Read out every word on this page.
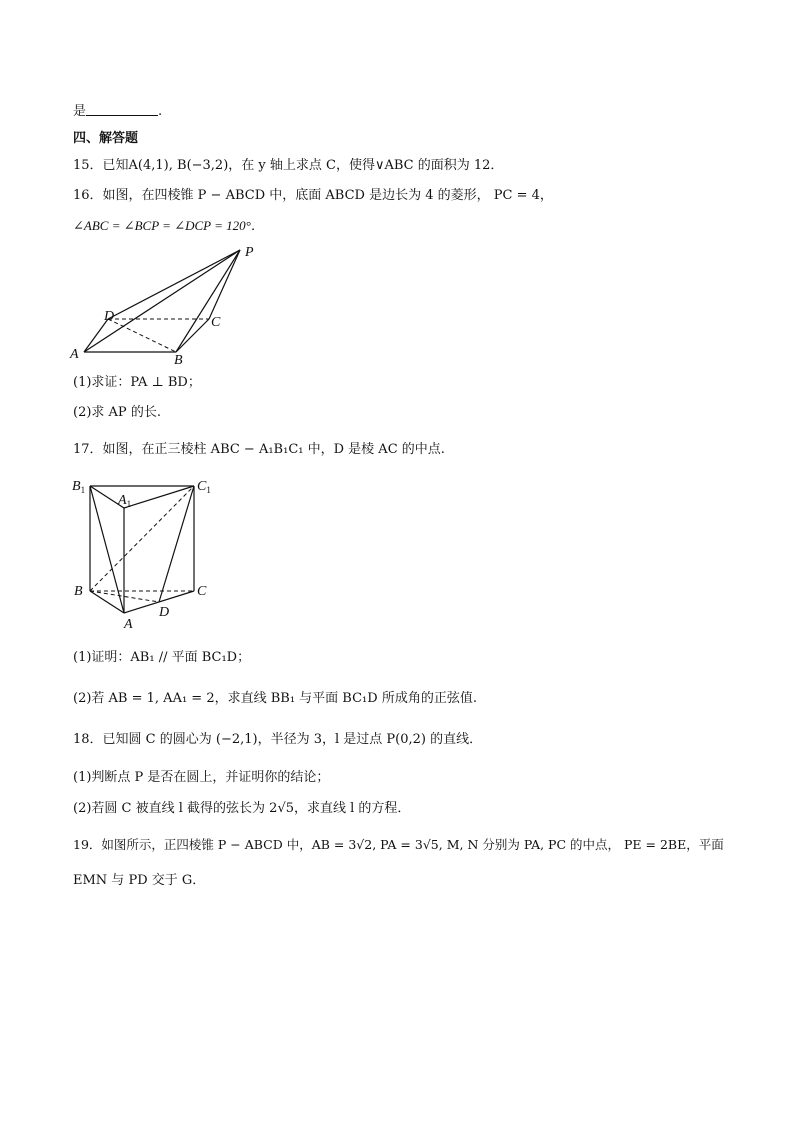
是	.
四、解答题
15．已知A(4,1), B(−3,2)，在 y 轴上求点 C，使得∨ABC 的面积为 12．
16．如图，在四棱锥 P − ABCD 中，底面 ABCD 是边长为 4 的菱形， PC = 4，
∠ABC = ∠BCP = ∠DCP = 120°．
P
D	C
A	B
(1)求证：PA ⊥ BD；
(2)求 AP 的长.
17．如图，在正三棱柱 ABC − A₁B₁C₁ 中，D 是棱 AC 的中点.
$B_1$
$A_1$
$C_1$
B	C
A
D
(1)证明：AB₁ // 平面 BC₁D；
(2)若 AB = 1, AA₁ = 2，求直线 BB₁ 与平面 BC₁D 所成角的正弦值.
18．已知圆 C 的圆心为 (−2,1)，半径为 3，l 是过点 P(0,2) 的直线．
(1)判断点 P 是否在圆上，并证明你的结论；
(2)若圆 C 被直线 l 截得的弦长为 2√5，求直线 l 的方程．
19．如图所示，正四棱锥 P − ABCD 中，AB = 3√2, PA = 3√5, M, N 分别为 PA, PC 的中点， PE = 2BE，平面
EMN 与 PD 交于 G．
